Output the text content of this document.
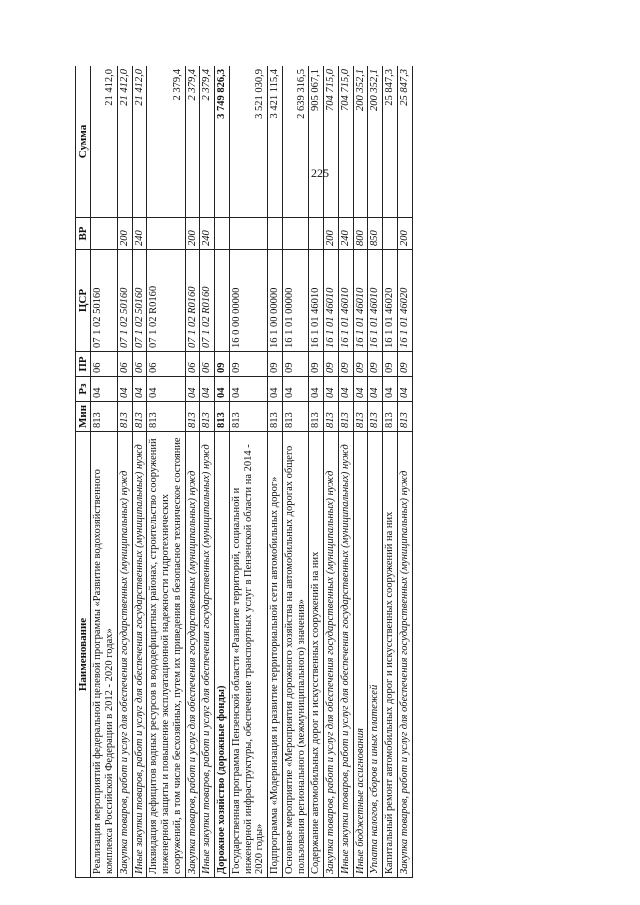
225
Наименование	Мин	Рз	ПР	ЦСР	ВР	Сумма
Реализация мероприятий федеральной целевой программы «Развитие водохозяйственного комплекса Российской Федерации в 2012 - 2020 годах»	813	04	06	07 1 02 50160		21 412,0
Закупка товаров, работ и услуг для обеспечения государственных (муниципальных) нужд	813	04	06	07 1 02 50160	200	21 412,0
Иные закупки товаров, работ и услуг для обеспечения государственных (муниципальных) нужд	813	04	06	07 1 02 50160	240	21 412,0
Ликвидация дефицитов водных ресурсов в вододефицитных районах, строительство сооружений инженерной защиты и повышение эксплуатационной надежности гидротехнических сооружений, в том числе бесхозяйных, путем их приведения в безопасное техническое состояние	813	04	06	07 1 02 R0160		2 379,4
Закупка товаров, работ и услуг для обеспечения государственных (муниципальных) нужд	813	04	06	07 1 02 R0160	200	2 379,4
Иные закупки товаров, работ и услуг для обеспечения государственных (муниципальных) нужд	813	04	06	07 1 02 R0160	240	2 379,4
Дорожное хозяйство (дорожные фонды)	813	04	09			3 749 826,3
Государственная программа Пензенской области «Развитие территорий, социальной и инженерной инфраструктуры, обеспечение транспортных услуг в Пензенской области на 2014 - 2020 годы»	813	04	09	16 0 00 00000		3 521 030,9
Подпрограмма «Модернизация и развитие территориальной сети автомобильных дорог»	813	04	09	16 1 00 00000		3 421 115,4
Основное мероприятие «Мероприятия дорожного хозяйства на автомобильных дорогах общего пользования регионального (межмуниципального) значения»	813	04	09	16 1 01 00000		2 639 316,5
Содержание автомобильных дорог и искусственных сооружений на них	813	04	09	16 1 01 46010		905 067,1
Закупка товаров, работ и услуг для обеспечения государственных (муниципальных) нужд	813	04	09	16 1 01 46010	200	704 715,0
Иные закупки товаров, работ и услуг для обеспечения государственных (муниципальных) нужд	813	04	09	16 1 01 46010	240	704 715,0
Иные бюджетные ассигнования	813	04	09	16 1 01 46010	800	200 352,1
Уплата налогов, сборов и иных платежей	813	04	09	16 1 01 46010	850	200 352,1
Капитальный ремонт автомобильных дорог и искусственных сооружений на них	813	04	09	16 1 01 46020		25 847,3
Закупка товаров, работ и услуг для обеспечения государственных (муниципальных) нужд	813	04	09	16 1 01 46020	200	25 847,3
